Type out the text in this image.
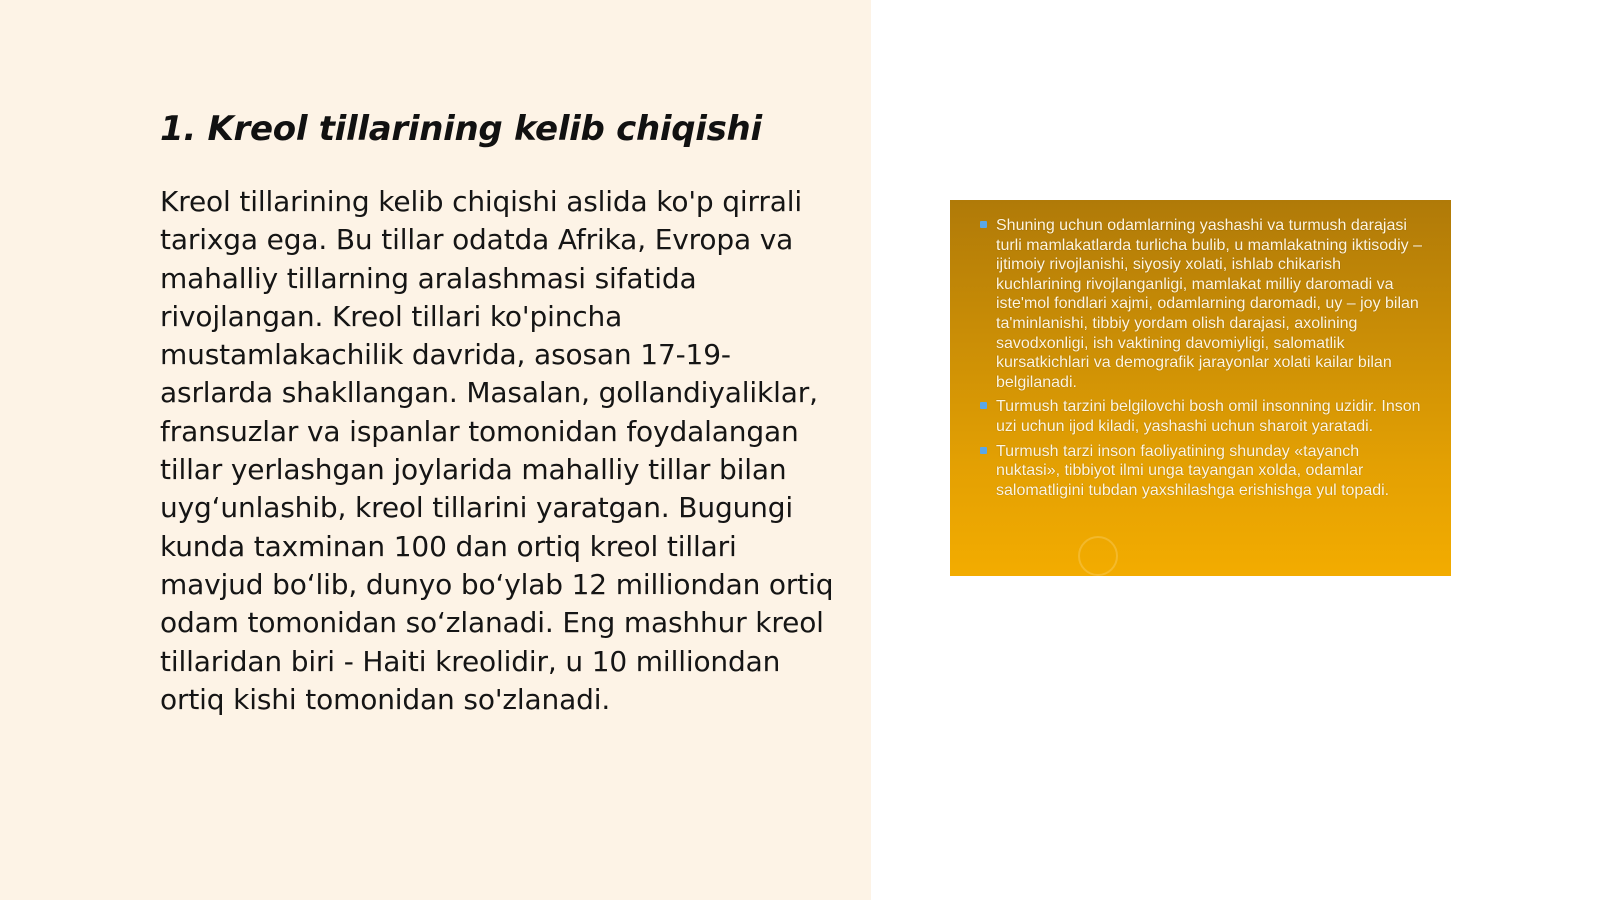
1. Kreol tillarining kelib chiqishi

Kreol tillarining kelib chiqishi aslida ko'p qirrali tarixga ega. Bu tillar odatda Afrika, Evropa va mahalliy tillarning aralashmasi sifatida rivojlangan. Kreol tillari ko'pincha mustamlakachilik davrida, asosan 17-19-asrlarda shakllangan. Masalan, gollandiyaliklar, fransuzlar va ispanlar tomonidan foydalangan tillar yerlashgan joylarida mahalliy tillar bilan uyg‘unlashib, kreol tillarini yaratgan. Bugungi kunda taxminan 100 dan ortiq kreol tillari mavjud bo‘lib, dunyo bo‘ylab 12 milliondan ortiq odam tomonidan so‘zlanadi. Eng mashhur kreol tillaridan biri - Haiti kreolidir, u 10 milliondan ortiq kishi tomonidan so'zlanadi.

Shuning uchun odamlarning yashashi va turmush darajasi turli mamlakatlarda turlicha bulib, u mamlakatning iktisodiy – ijtimoiy rivojlanishi, siyosiy xolati, ishlab chikarish kuchlarining rivojlanganligi, mamlakat milliy daromadi va iste'mol fondlari xajmi, odamlarning daromadi, uy – joy bilan ta'minlanishi, tibbiy yordam olish darajasi, axolining savodxonligi, ish vaktining davomiyligi, salomatlik kursatkichlari va demografik jarayonlar xolati kailar bilan belgilanadi.
Turmush tarzini belgilovchi bosh omil insonning uzidir. Inson uzi uchun ijod kiladi, yashashi uchun sharoit yaratadi.
Turmush tarzi inson faoliyatining shunday «tayanch nuktasi», tibbiyot ilmi unga tayangan xolda, odamlar salomatligini tubdan yaxshilashga erishishga yul topadi.
